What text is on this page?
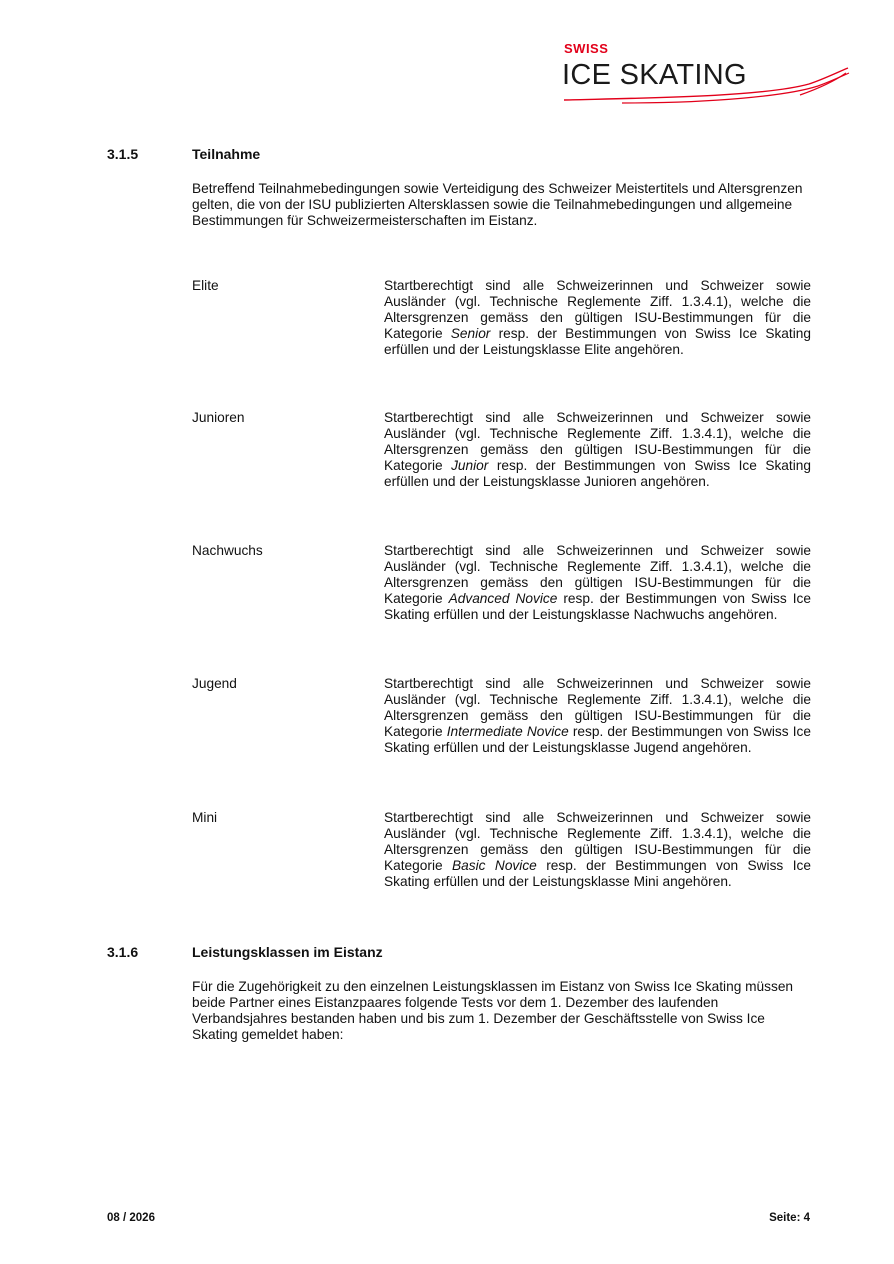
SWISS
ICE SKATING
3.1.5	Teilnahme
Betreffend Teilnahmebedingungen sowie Verteidigung des Schweizer Meistertitels und Altersgrenzen gelten, die von der ISU publizierten Altersklassen sowie die Teilnahmebedingungen und allgemeine Bestimmungen für Schweizermeisterschaften im Eistanz.
Elite	Startberechtigt sind alle Schweizerinnen und Schweizer sowie Ausländer (vgl. Technische Reglemente Ziff. 1.3.4.1), welche die Altersgrenzen gemäss den gültigen ISU-Bestimmungen für die Kategorie Senior resp. der Bestimmungen von Swiss Ice Skating erfüllen und der Leistungsklasse Elite angehören.
Junioren	Startberechtigt sind alle Schweizerinnen und Schweizer sowie Ausländer (vgl. Technische Reglemente Ziff. 1.3.4.1), welche die Altersgrenzen gemäss den gültigen ISU-Bestimmungen für die Kategorie Junior resp. der Bestimmungen von Swiss Ice Skating erfüllen und der Leistungsklasse Junioren angehören.
Nachwuchs	Startberechtigt sind alle Schweizerinnen und Schweizer sowie Ausländer (vgl. Technische Reglemente Ziff. 1.3.4.1), welche die Altersgrenzen gemäss den gültigen ISU-Bestimmungen für die Kategorie Advanced Novice resp. der Bestimmungen von Swiss Ice Skating erfüllen und der Leistungsklasse Nachwuchs angehören.
Jugend	Startberechtigt sind alle Schweizerinnen und Schweizer sowie Ausländer (vgl. Technische Reglemente Ziff. 1.3.4.1), welche die Altersgrenzen gemäss den gültigen ISU-Bestimmungen für die Kategorie Intermediate Novice resp. der Bestimmungen von Swiss Ice Skating erfüllen und der Leistungsklasse Jugend angehören.
Mini	Startberechtigt sind alle Schweizerinnen und Schweizer sowie Ausländer (vgl. Technische Reglemente Ziff. 1.3.4.1), welche die Altersgrenzen gemäss den gültigen ISU-Bestimmungen für die Kategorie Basic Novice resp. der Bestimmungen von Swiss Ice Skating erfüllen und der Leistungsklasse Mini angehören.
3.1.6	Leistungsklassen im Eistanz
Für die Zugehörigkeit zu den einzelnen Leistungsklassen im Eistanz von Swiss Ice Skating müssen beide Partner eines Eistanzpaares folgende Tests vor dem 1. Dezember des laufenden Verbandsjahres bestanden haben und bis zum 1. Dezember der Geschäftsstelle von Swiss Ice Skating gemeldet haben:
08 / 2026	Seite: 4
